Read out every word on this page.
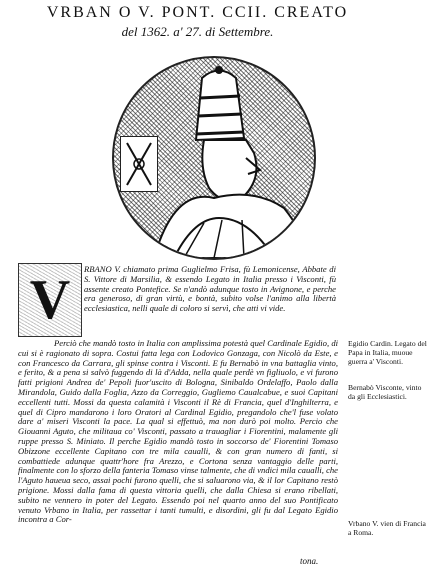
VRBAN O V. PONT. CCII. CREATO
del 1362. a' 27. di Settembre.
V	RBANO V. chiamato prima Guglielmo Frisa, fù Lemonicense, Abbate di S. Vittore di Marsilia, & essendo Legato in Italia presso i Visconti, fù assente creato Pontefice. Se n'andò adunque tosto in Avignone, e perche era generoso, di gran virtù, e bontà, subito volse l'animo alla libertà ecclesiastica, nelli quale di coloro si servì, che atti vi vide.
Perciò che mandò tosto in Italia con amplissima potestà quel Cardinale Egidio, di cui si è ragionato di sopra. Costui fatta lega con Lodovico Gonzaga, con Nicolò da Este, e con Francesco da Carrara, gli spinse contra i Visconti. E fu Bernabò in vna battaglia vinto, e ferito, & a pena si salvò fuggendo di là d'Adda, nella quale perdè vn figliuolo, e vi furono fatti prigioni Andrea de' Pepoli fuor'uscito di Bologna, Sinibaldo Ordelaffo, Paolo dalla Mirandola, Guido dalla Foglia, Azzo da Correggio, Gugliemo Caualcabue, e suoi Capitani eccellenti tutti. Mossi da questa calamità i Visconti il Rè di Francia, quel d'Inghilterra, e quel di Cipro mandarono i loro Oratori al Cardinal Egidio, pregandolo che'l fuse volato dare a' miseri Visconti la pace. La qual si effettuò, ma non durò poi molto. Percio che Giouanni Aguto, che militaua co' Visconti, passato a trauagliar i Fiorentini, malamente gli ruppe presso S. Miniato. Il perche Egidio mandò tosto in soccorso de' Fiorentini Tomaso Obizzone eccellente Capitano con tre mila caualli, & con gran numero di fanti, si combattiede adunque quattr'hore fra Arezzo, e Cortona senza vantaggio delle parti, finalmente con lo sforzo della fanteria Tomaso vinse talmente, che di vndici mila caualli, che l'Aguto haueua seco, assai pochi furono quelli, che si saluarono via, & il lor Capitano restò prigione. Mossi dalla fama di questa vittoria quelli, che dalla Chiesa si erano ribellati, subito ne vennero in poter del Legato. Essendo poi nel quarto anno del suo Pontificato venuto Vrbano in Italia, per rassettar i tanti tumulti, e disordini, gli fu dal Legato Egidio incontra a Cor-
Egidio Cardin. Legato del Papa in Italia, muoue guerra a' Visconti.
Bernabò Visconte, vinto da gli Ecclesiastici.
Vrbano V. vien di Francia a Roma.
tona.
